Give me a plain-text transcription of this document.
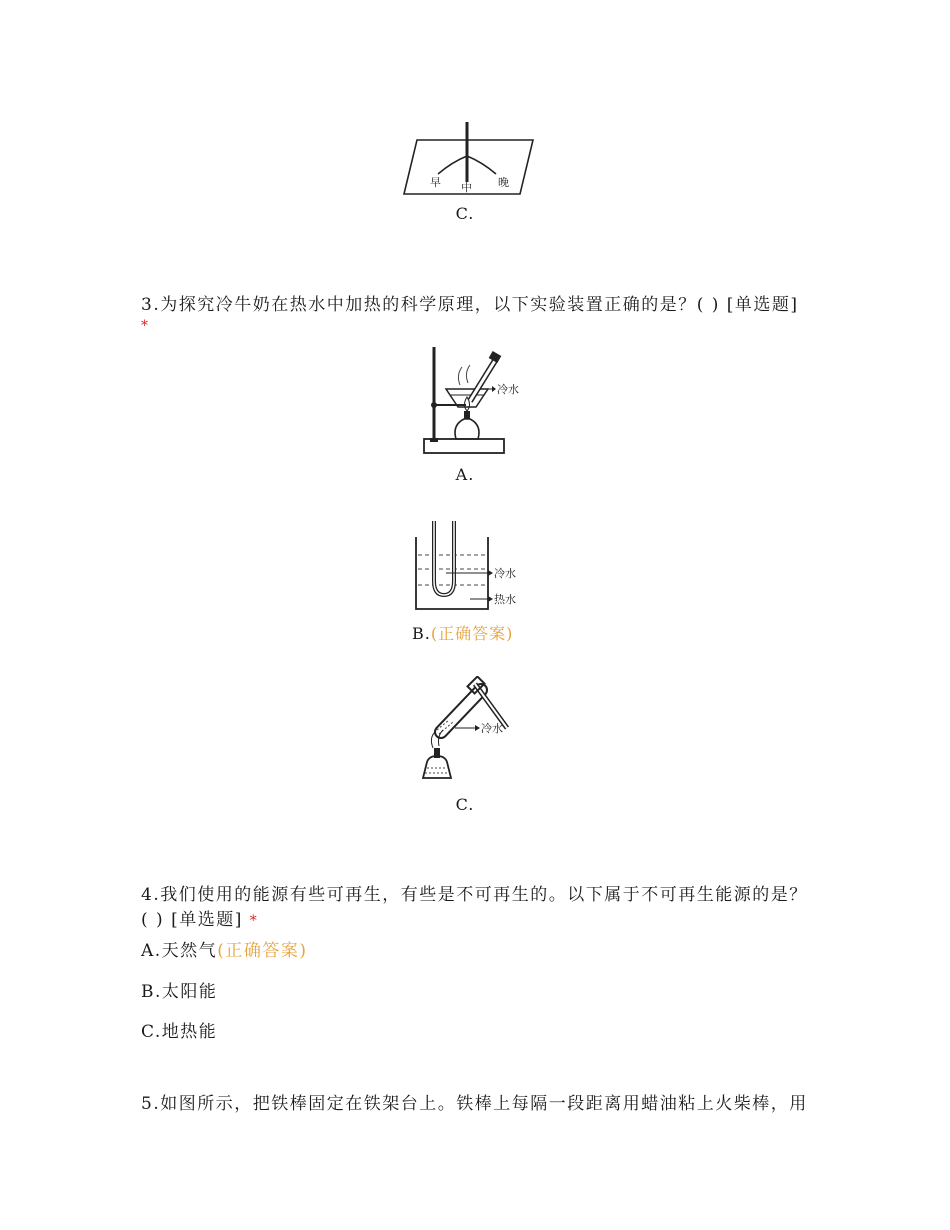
早 中 晚
C.
3.为探究冷牛奶在热水中加热的科学原理，以下实验装置正确的是？( ) [单选题]
*
冷水
A.
冷水
热水
B.(正确答案)
冷水
C.
4.我们使用的能源有些可再生，有些是不可再生的。以下属于不可再生能源的是？
( ) [单选题] *
A.天然气(正确答案)
B.太阳能
C.地热能
5.如图所示，把铁棒固定在铁架台上。铁棒上每隔一段距离用蜡油粘上火柴棒，用
